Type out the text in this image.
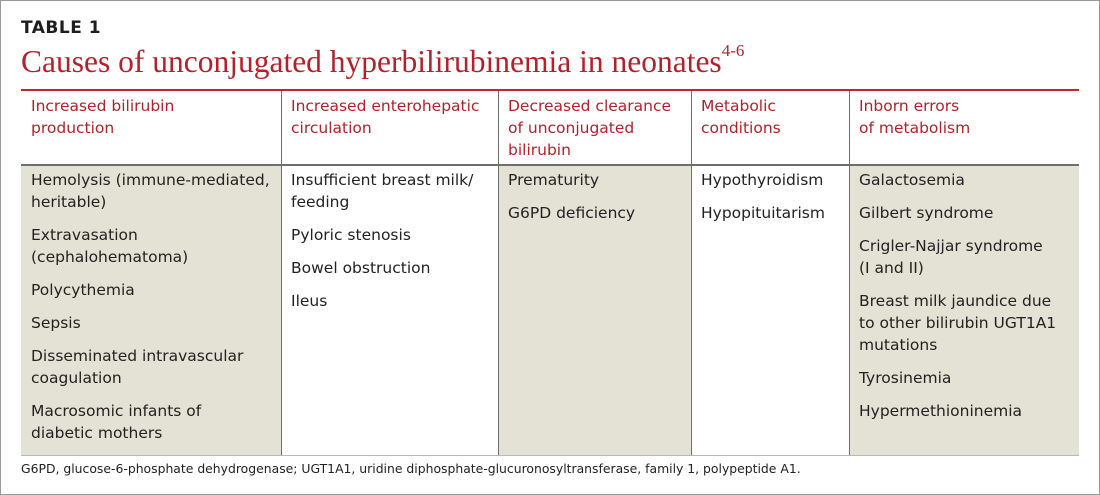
TABLE 1
Causes of unconjugated hyperbilirubinemia in neonates$^{4-6}$
Increased bilirubin
production
Increased enterohepatic
circulation
Decreased clearance
of unconjugated
bilirubin
Metabolic
conditions
Inborn errors
of metabolism
Hemolysis (immune-mediated,
heritable)
Extravasation
(cephalohematoma)
Polycythemia
Sepsis
Disseminated intravascular
coagulation
Macrosomic infants of
diabetic mothers
Insufficient breast milk/
feeding
Pyloric stenosis
Bowel obstruction
Ileus
Prematurity
G6PD deficiency
Hypothyroidism
Hypopituitarism
Galactosemia
Gilbert syndrome
Crigler-Najjar syndrome
(I and II)
Breast milk jaundice due
to other bilirubin UGT1A1
mutations
Tyrosinemia
Hypermethioninemia
G6PD, glucose-6-phosphate dehydrogenase; UGT1A1, uridine diphosphate-glucuronosyltransferase, family 1, polypeptide A1.
